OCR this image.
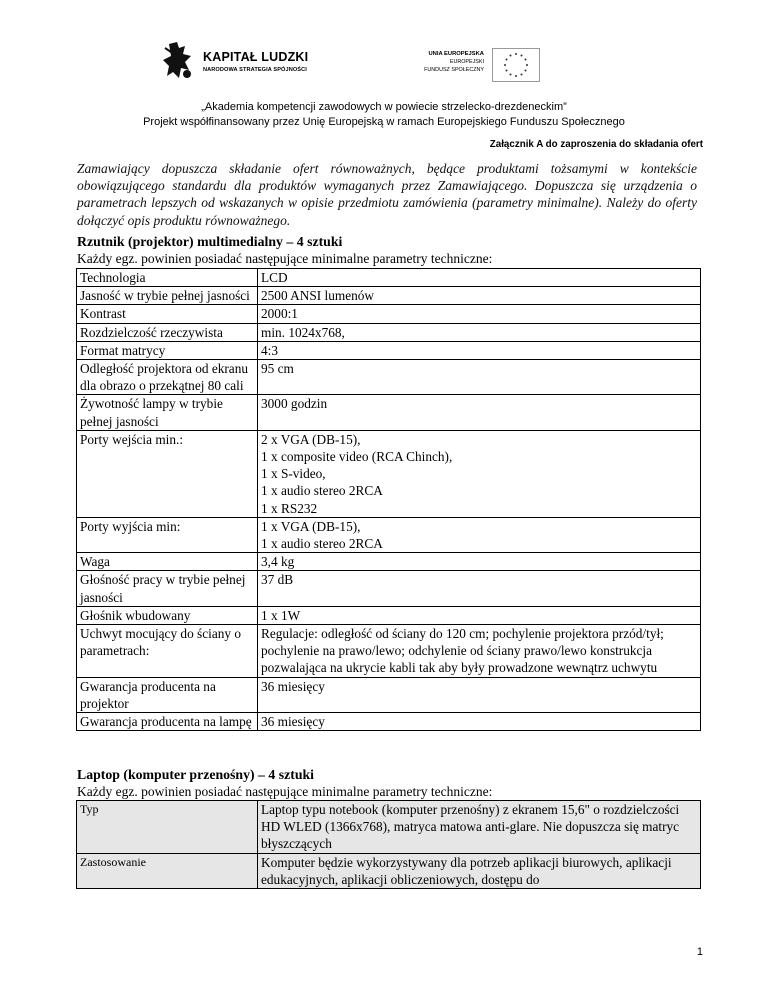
KAPITAŁ LUDZKI
NARODOWA STRATEGIA SPÓJNOŚCI
UNIA EUROPEJSKA
EUROPEJSKI
FUNDUSZ SPOŁECZNY
„Akademia kompetencji zawodowych w powiecie strzelecko-drezdeneckim”
Projekt współfinansowany przez Unię Europejską w ramach Europejskiego Funduszu Społecznego
Załącznik A do zaproszenia do składania ofert
Zamawiający dopuszcza składanie ofert równoważnych, będące produktami tożsamymi w kontekście obowiązującego standardu dla produktów wymaganych przez Zamawiającego. Dopuszcza się urządzenia o parametrach lepszych od wskazanych w opisie przedmiotu zamówienia (parametry minimalne). Należy do oferty dołączyć opis produktu równoważnego.
Rzutnik (projektor) multimedialny – 4 sztuki
Każdy egz. powinien posiadać następujące minimalne parametry techniczne:
Technologia	LCD
Jasność w trybie pełnej jasności	2500 ANSI lumenów
Kontrast	2000:1
Rozdzielczość rzeczywista	min. 1024x768,
Format matrycy	4:3
Odległość projektora od ekranu dla obrazo o przekątnej 80 cali	95 cm
Żywotność lampy w trybie pełnej jasności	3000 godzin
Porty wejścia min.:	2 x VGA (DB-15),
1 x composite video (RCA Chinch),
1 x S-video,
1 x audio stereo 2RCA
1 x RS232
Porty wyjścia min:	1 x VGA (DB-15),
1 x audio stereo 2RCA
Waga	3,4 kg
Głośność pracy w trybie pełnej jasności	37 dB
Głośnik wbudowany	1 x 1W
Uchwyt mocujący do ściany o parametrach:	Regulacje: odległość od ściany do 120 cm; pochylenie projektora przód/tył; pochylenie na prawo/lewo; odchylenie od ściany prawo/lewo konstrukcja pozwalająca na ukrycie kabli tak aby były prowadzone wewnątrz uchwytu
Gwarancja producenta na projektor	36 miesięcy
Gwarancja producenta na lampę	36 miesięcy
Laptop (komputer przenośny) – 4 sztuki
Każdy egz. powinien posiadać następujące minimalne parametry techniczne:
Typ	Laptop typu notebook (komputer przenośny) z ekranem 15,6" o rozdzielczości HD WLED (1366x768), matryca matowa anti-glare. Nie dopuszcza się matryc błyszczących
Zastosowanie	Komputer będzie wykorzystywany dla potrzeb aplikacji biurowych, aplikacji edukacyjnych, aplikacji obliczeniowych, dostępu do
1
